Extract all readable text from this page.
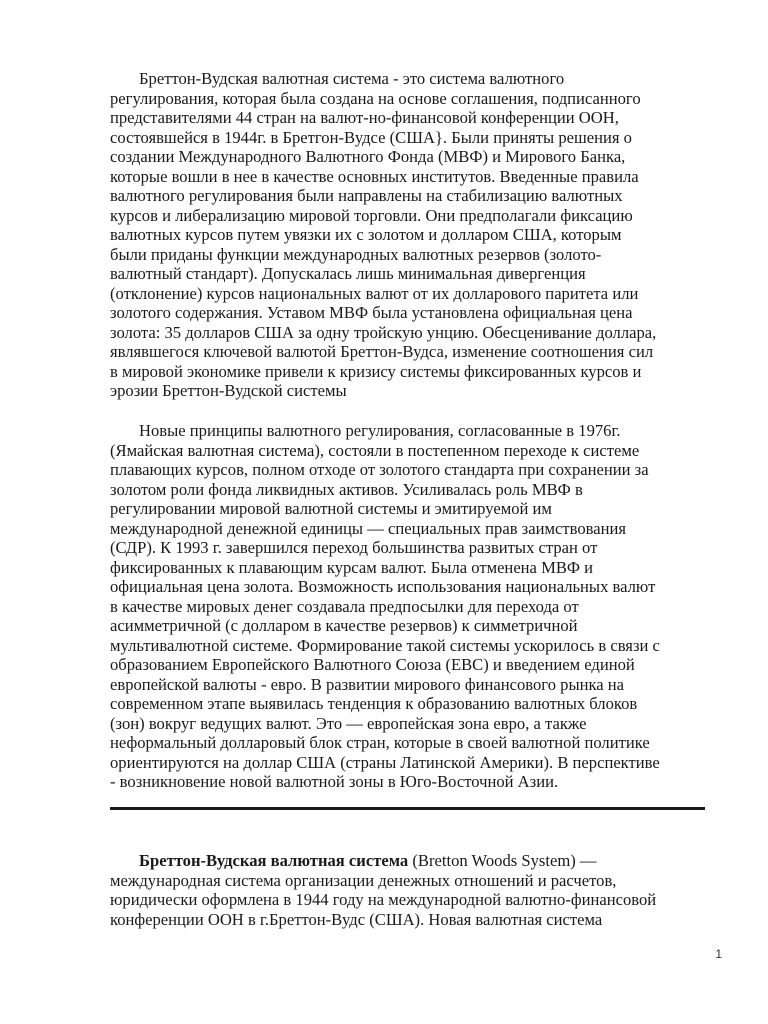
Бреттон-Вудская валютная система - это система валютного
регулирования, которая была создана на основе соглашения, подписанного
представителями 44 стран на валют-но-финансовой конференции ООН,
состоявшейся в 1944г. в Бретгон-Вудсе (США}. Были приняты решения о
создании Международного Валютного Фонда (МВФ) и Мирового Банка,
которые вошли в нее в качестве основных институтов. Введенные правила
валютного регулирования были направлены на стабилизацию валютных
курсов и либерализацию мировой торговли. Они предполагали фиксацию
валютных курсов путем увязки их с золотом и долларом США, которым
были приданы функции международных валютных резервов (золото-
валютный стандарт). Допускалась лишь минимальная дивергенция
(отклонение) курсов национальных валют от их долларового паритета или
золотого содержания. Уставом МВФ была установлена официальная цена
золота: 35 долларов США за одну тройскую унцию. Обесценивание доллара,
являвшегося ключевой валютой Бреттон-Вудса, изменение соотношения сил
в мировой экономике привели к кризису системы фиксированных курсов и
эрозии Бреттон-Вудской системы

Новые принципы валютного регулирования, согласованные в 1976г.
(Ямайская валютная система), состояли в постепенном переходе к системе
плавающих курсов, полном отходе от золотого стандарта при сохранении за
золотом роли фонда ликвидных активов. Усиливалась роль МВФ в
регулировании мировой валютной системы и эмитируемой им
международной денежной единицы — специальных прав заимствования
(СДР). К 1993 г. завершился переход большинства развитых стран от
фиксированных к плавающим курсам валют. Была отменена МВФ и
официальная цена золота. Возможность использования национальных валют
в качестве мировых денег создавала предпосылки для перехода от
асимметричной (с долларом в качестве резервов) к симметричной
мультивалютной системе. Формирование такой системы ускорилось в связи с
образованием Европейского Валютного Союза (ЕВС) и введением единой
европейской валюты - евро. В развитии мирового финансового рынка на
современном этапе выявилась тенденция к образованию валютных блоков
(зон) вокруг ведущих валют. Это — европейская зона евро, а также
неформальный долларовый блок стран, которые в своей валютной политике
ориентируются на доллар США (страны Латинской Америки). В перспективе
- возникновение новой валютной зоны в Юго-Восточной Азии.

Бреттон-Вудская валютная система (Bretton Woods System) —
международная система организации денежных отношений и расчетов,
юридически оформлена в 1944 году на международной валютно-финансовой
конференции ООН в г.Бреттон-Вудс (США). Новая валютная система

1
